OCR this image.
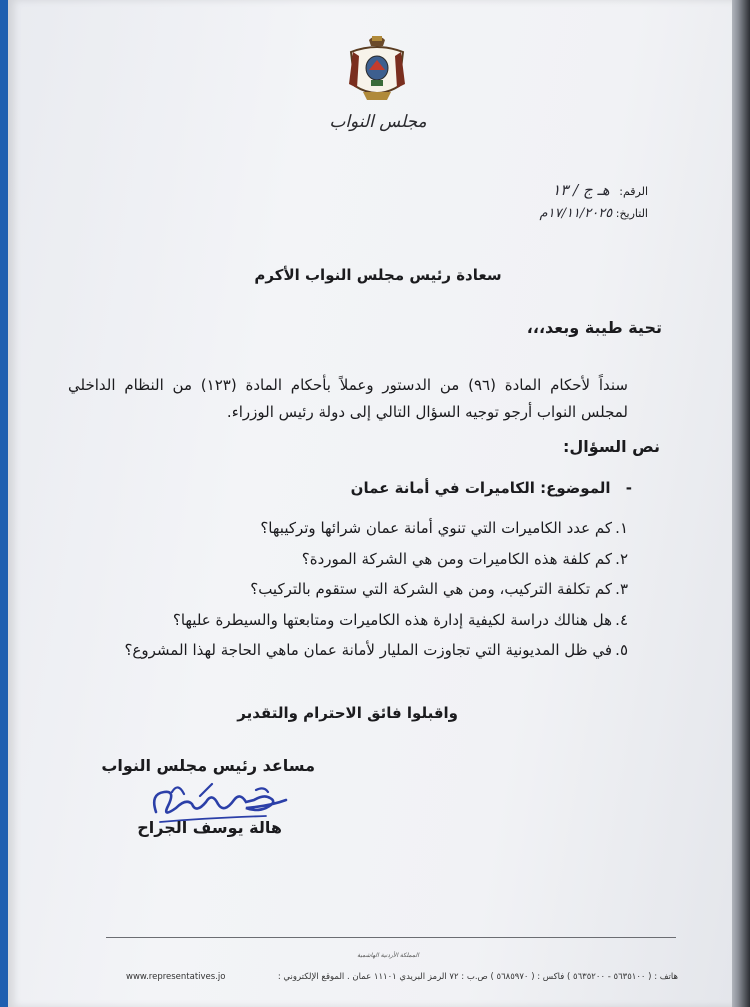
مجلس النواب
الرقم: هـ ج / ١٣
التاريخ: ١٧/١١/٢٠٢٥م
سعادة رئيس مجلس النواب الأكرم
تحية طيبة وبعد،،،
سنداً لأحكام المادة (٩٦) من الدستور وعملاً بأحكام المادة (١٢٣) من النظام الداخلي لمجلس النواب أرجو توجيه السؤال التالي إلى دولة رئيس الوزراء.
نص السؤال:
- الموضوع: الكاميرات في أمانة عمان
١.كم عدد الكاميرات التي تنوي أمانة عمان شرائها وتركيبها؟
٢.كم كلفة هذه الكاميرات ومن هي الشركة الموردة؟
٣.كم تكلفة التركيب، ومن هي الشركة التي ستقوم بالتركيب؟
٤.هل هنالك دراسة لكيفية إدارة هذه الكاميرات ومتابعتها والسيطرة عليها؟
٥.في ظل المديونية التي تجاوزت المليار لأمانة عمان ماهي الحاجة لهذا المشروع؟
واقبلوا فائق الاحترام والتقدير
مساعد رئيس مجلس النواب
هالة يوسف الجراح
المملكة الأردنية الهاشمية
www.representatives.jo	هاتف : ( ٥٦٣٥١٠٠ - ٥٦٣٥٢٠٠ ) فاكس : ( ٥٦٨٥٩٧٠ ) ص.ب : ٧٢ الرمز البريدي ١١١٠١ عمان . الموقع الإلكتروني :
